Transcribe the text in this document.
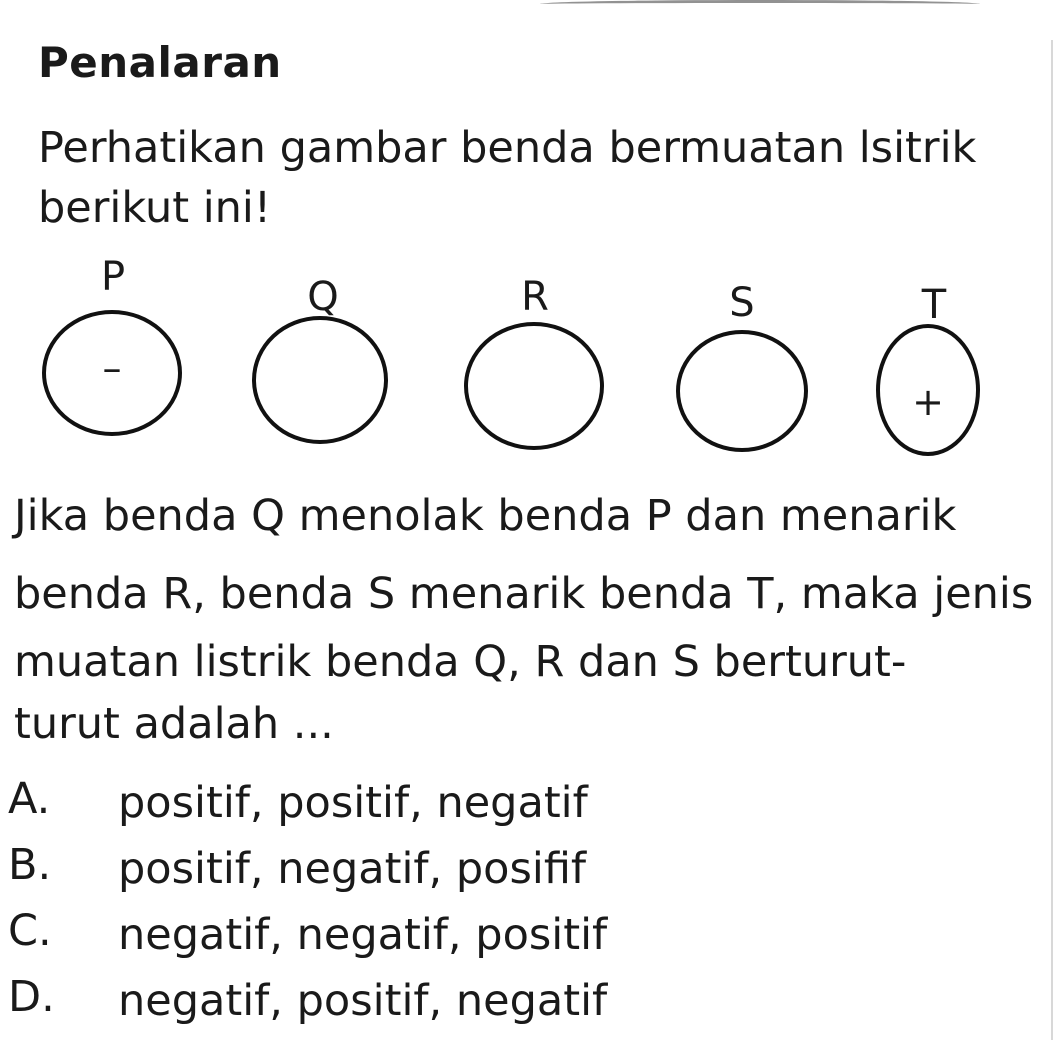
Penalaran
Perhatikan gambar benda bermuatan lsitrik
berikut ini!
P
–
Q	R	S	T
+
Jika benda Q menolak benda P dan menarik
benda R, benda S menarik benda T, maka jenis
muatan listrik benda Q, R dan S berturut-
turut adalah ...
A. positif, positif, negatif
B. positif, negatif, posifif
C. negatif, negatif, positif
D. negatif, positif, negatif
